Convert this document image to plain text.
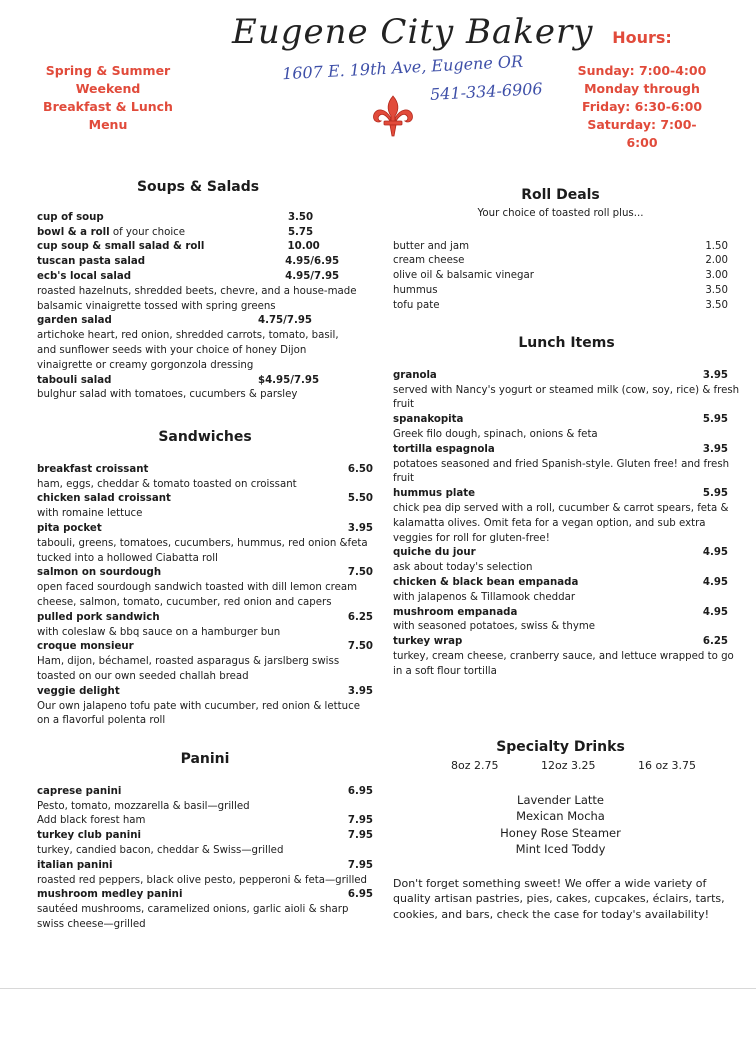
Eugene City Bakery
1607 E. 19th Ave, Eugene OR
541-334-6906
Spring & Summer
Weekend
Breakfast & Lunch
Menu
Hours:
Sunday: 7:00-4:00
Monday through
Friday: 6:30-6:00
Saturday: 7:00-6:00
Soups & Salads
cup of soup	3.50
bowl & a roll of your choice	5.75
cup soup & small salad & roll	10.00
tuscan pasta salad	4.95/6.95
ecb's local salad	4.95/7.95
roasted hazelnuts, shredded beets, chevre, and a house-made balsamic vinaigrette tossed with spring greens
garden salad	4.75/7.95
artichoke heart, red onion, shredded carrots, tomato, basil, and sunflower seeds with your choice of honey Dijon vinaigrette or creamy gorgonzola dressing
tabouli salad	$4.95/7.95
bulghur salad with tomatoes, cucumbers & parsley
Sandwiches
breakfast croissant	6.50
ham, eggs, cheddar & tomato toasted on croissant
chicken salad croissant	5.50
with romaine lettuce
pita pocket	3.95
tabouli, greens, tomatoes, cucumbers, hummus, red onion &feta tucked into a hollowed Ciabatta roll
salmon on sourdough	7.50
open faced sourdough sandwich toasted with dill lemon cream cheese, salmon, tomato, cucumber, red onion and capers
pulled pork sandwich	6.25
with coleslaw & bbq sauce on a hamburger bun
croque monsieur	7.50
Ham, dijon, béchamel, roasted asparagus & jarslberg swiss toasted on our own seeded challah bread
veggie delight	3.95
Our own jalapeno tofu pate with cucumber, red onion & lettuce on a flavorful polenta roll
Panini
caprese panini	6.95
Pesto, tomato, mozzarella & basil—grilled
Add black forest ham	7.95
turkey club panini	7.95
turkey, candied bacon, cheddar & Swiss—grilled
italian panini	7.95
roasted red peppers, black olive pesto, pepperoni & feta—grilled
mushroom medley panini	6.95
sautéed mushrooms, caramelized onions, garlic aioli & sharp swiss cheese—grilled
Roll Deals
Your choice of toasted roll plus...
butter and jam	1.50
cream cheese	2.00
olive oil & balsamic vinegar	3.00
hummus	3.50
tofu pate	3.50
Lunch Items
granola	3.95
served with Nancy's yogurt or steamed milk (cow, soy, rice) & fresh fruit
spanakopita	5.95
Greek filo dough, spinach, onions & feta
tortilla espagnola	3.95
potatoes seasoned and fried Spanish-style. Gluten free! and fresh fruit
hummus plate	5.95
chick pea dip served with a roll, cucumber & carrot spears, feta & kalamatta olives. Omit feta for a vegan option, and sub extra veggies for roll for gluten-free!
quiche du jour	4.95
ask about today's selection
chicken & black bean empanada	4.95
with jalapenos & Tillamook cheddar
mushroom empanada	4.95
with seasoned potatoes, swiss & thyme
turkey wrap	6.25
turkey, cream cheese, cranberry sauce, and lettuce wrapped to go in a soft flour tortilla
Specialty Drinks
8oz 2.75	12oz 3.25	16 oz 3.75
Lavender Latte
Mexican Mocha
Honey Rose Steamer
Mint Iced Toddy
Don't forget something sweet! We offer a wide variety of quality artisan pastries, pies, cakes, cupcakes, éclairs, tarts, cookies, and bars, check the case for today's availability!
